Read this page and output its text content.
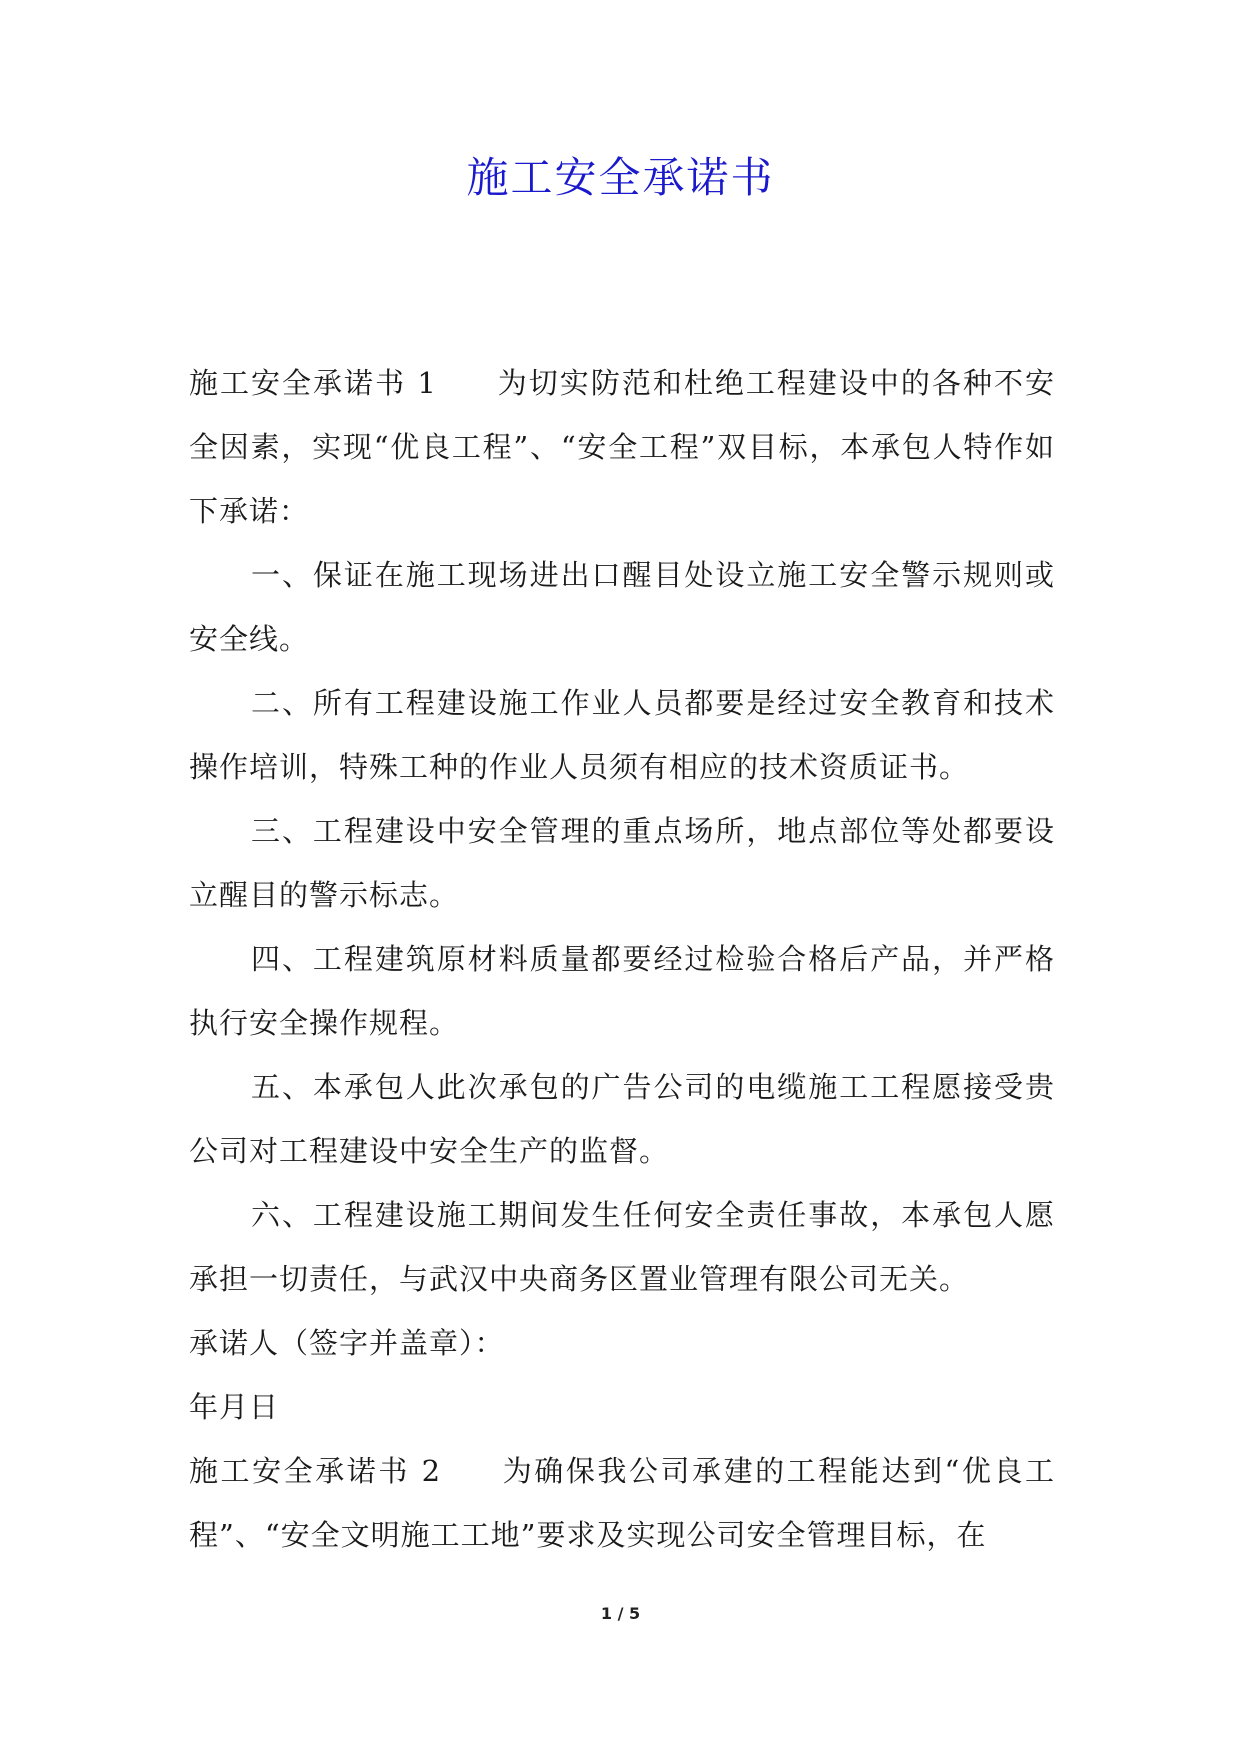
施工安全承诺书

施工安全承诺书 1 为切实防范和杜绝工程建设中的各种不安全因素，实现“优良工程”、“安全工程”双目标，本承包人特作如下承诺：

一、保证在施工现场进出口醒目处设立施工安全警示规则或安全线。

二、所有工程建设施工作业人员都要是经过安全教育和技术操作培训，特殊工种的作业人员须有相应的技术资质证书。

三、工程建设中安全管理的重点场所，地点部位等处都要设立醒目的警示标志。

四、工程建筑原材料质量都要经过检验合格后产品，并严格执行安全操作规程。

五、本承包人此次承包的广告公司的电缆施工工程愿接受贵公司对工程建设中安全生产的监督。

六、工程建设施工期间发生任何安全责任事故，本承包人愿承担一切责任，与武汉中央商务区置业管理有限公司无关。

承诺人（签字并盖章）：

年月日

施工安全承诺书 2 为确保我公司承建的工程能达到“优良工程”、“安全文明施工工地”要求及实现公司安全管理目标，在

1 / 5
